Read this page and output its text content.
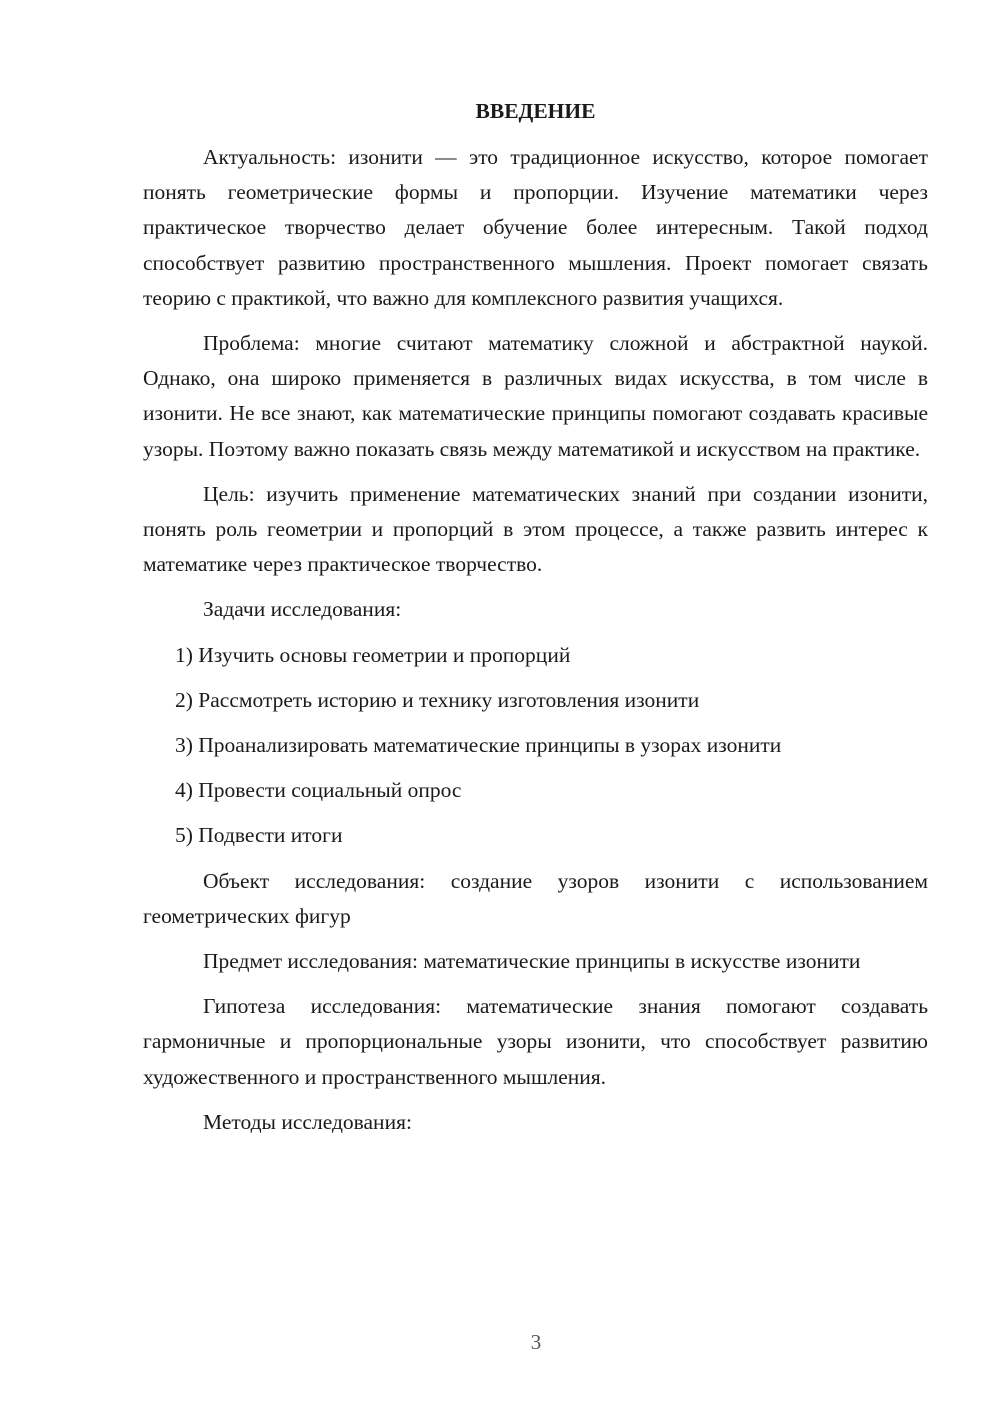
ВВЕДЕНИЕ

Актуальность: изонити — это традиционное искусство, которое помогает понять геометрические формы и пропорции. Изучение математики через практическое творчество делает обучение более интересным. Такой подход способствует развитию пространственного мышления. Проект помогает связать теорию с практикой, что важно для комплексного развития учащихся.

Проблема: многие считают математику сложной и абстрактной наукой. Однако, она широко применяется в различных видах искусства, в том числе в изонити. Не все знают, как математические принципы помогают создавать красивые узоры. Поэтому важно показать связь между математикой и искусством на практике.

Цель: изучить применение математических знаний при создании изонити, понять роль геометрии и пропорций в этом процессе, а также развить интерес к математике через практическое творчество.

Задачи исследования:
1) Изучить основы геометрии и пропорций
2) Рассмотреть историю и технику изготовления изонити
3) Проанализировать математические принципы в узорах изонити
4) Провести социальный опрос
5) Подвести итоги

Объект исследования: создание узоров изонити с использованием геометрических фигур

Предмет исследования: математические принципы в искусстве изонити

Гипотеза исследования: математические знания помогают создавать гармоничные и пропорциональные узоры изонити, что способствует развитию художественного и пространственного мышления.

Методы исследования:
3
